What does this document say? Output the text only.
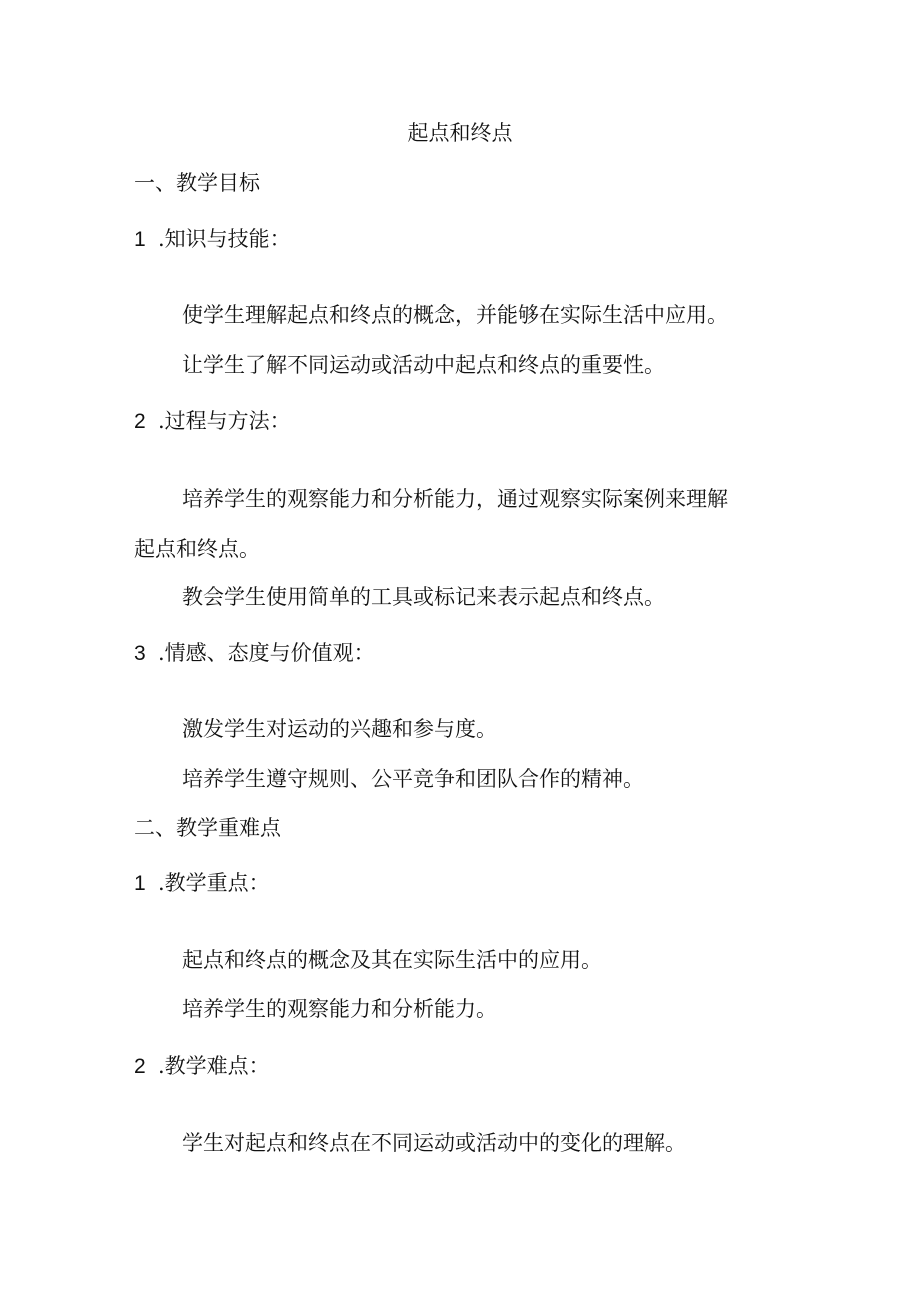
起点和终点
一、教学目标
1 .知识与技能：
使学生理解起点和终点的概念，并能够在实际生活中应用。
让学生了解不同运动或活动中起点和终点的重要性。
2 .过程与方法：
培养学生的观察能力和分析能力，通过观察实际案例来理解
起点和终点。
教会学生使用简单的工具或标记来表示起点和终点。
3 .情感、态度与价值观：
激发学生对运动的兴趣和参与度。
培养学生遵守规则、公平竞争和团队合作的精神。
二、教学重难点
1 .教学重点：
起点和终点的概念及其在实际生活中的应用。
培养学生的观察能力和分析能力。
2 .教学难点：
学生对起点和终点在不同运动或活动中的变化的理解。
